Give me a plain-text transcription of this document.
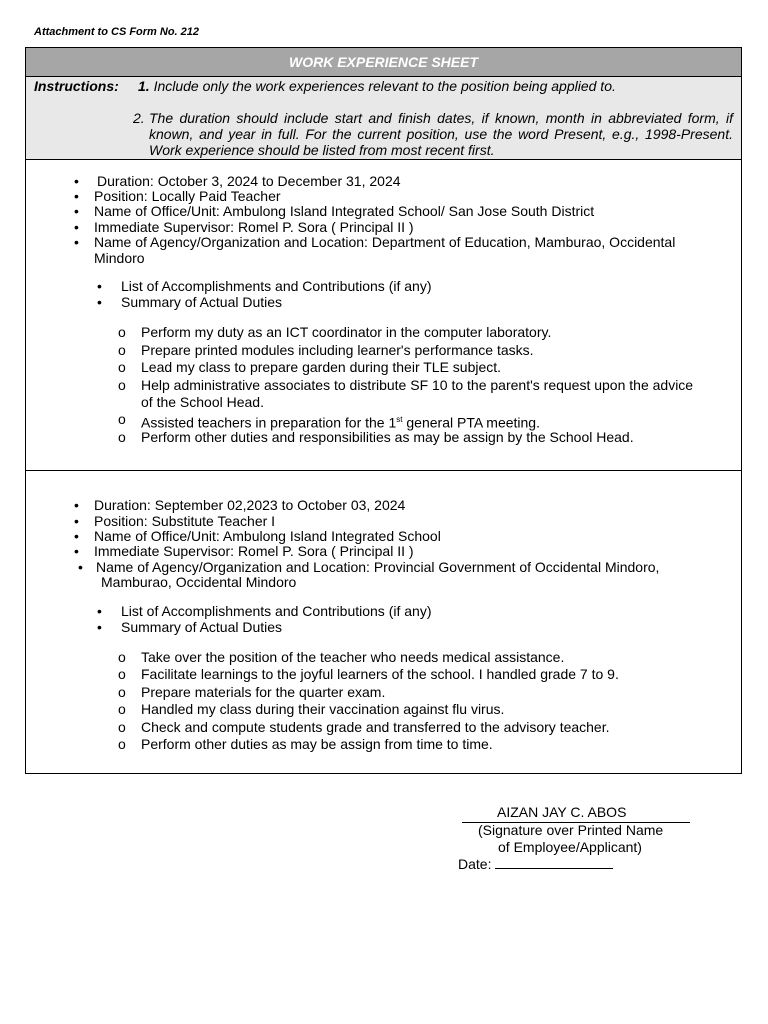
Attachment to CS Form No. 212
WORK EXPERIENCE SHEET
Instructions: 1. Include only the work experiences relevant to the position being applied to.
2. The duration should include start and finish dates, if known, month in abbreviated form, if known, and year in full. For the current position, use the word Present, e.g., 1998-Present. Work experience should be listed from most recent first.
• Duration: October 3, 2024 to December 31, 2024
• Position: Locally Paid Teacher
• Name of Office/Unit: Ambulong Island Integrated School/ San Jose South District
• Immediate Supervisor: Romel P. Sora ( Principal II )
• Name of Agency/Organization and Location: Department of Education, Mamburao, Occidental
Mindoro
• List of Accomplishments and Contributions (if any)
• Summary of Actual Duties
o Perform my duty as an ICT coordinator in the computer laboratory.
o Prepare printed modules including learner's performance tasks.
o Lead my class to prepare garden during their TLE subject.
o Help administrative associates to distribute SF 10 to the parent's request upon the advice
of the School Head.
o Assisted teachers in preparation for the 1st general PTA meeting.
o Perform other duties and responsibilities as may be assign by the School Head.
• Duration: September 02,2023 to October 03, 2024
• Position: Substitute Teacher I
• Name of Office/Unit: Ambulong Island Integrated School
• Immediate Supervisor: Romel P. Sora ( Principal II )
• Name of Agency/Organization and Location: Provincial Government of Occidental Mindoro,
Mamburao, Occidental Mindoro
• List of Accomplishments and Contributions (if any)
• Summary of Actual Duties
o Take over the position of the teacher who needs medical assistance.
o Facilitate learnings to the joyful learners of the school. I handled grade 7 to 9.
o Prepare materials for the quarter exam.
o Handled my class during their vaccination against flu virus.
o Check and compute students grade and transferred to the advisory teacher.
o Perform other duties as may be assign from time to time.
AIZAN JAY C. ABOS
(Signature over Printed Name
of Employee/Applicant)
Date:
